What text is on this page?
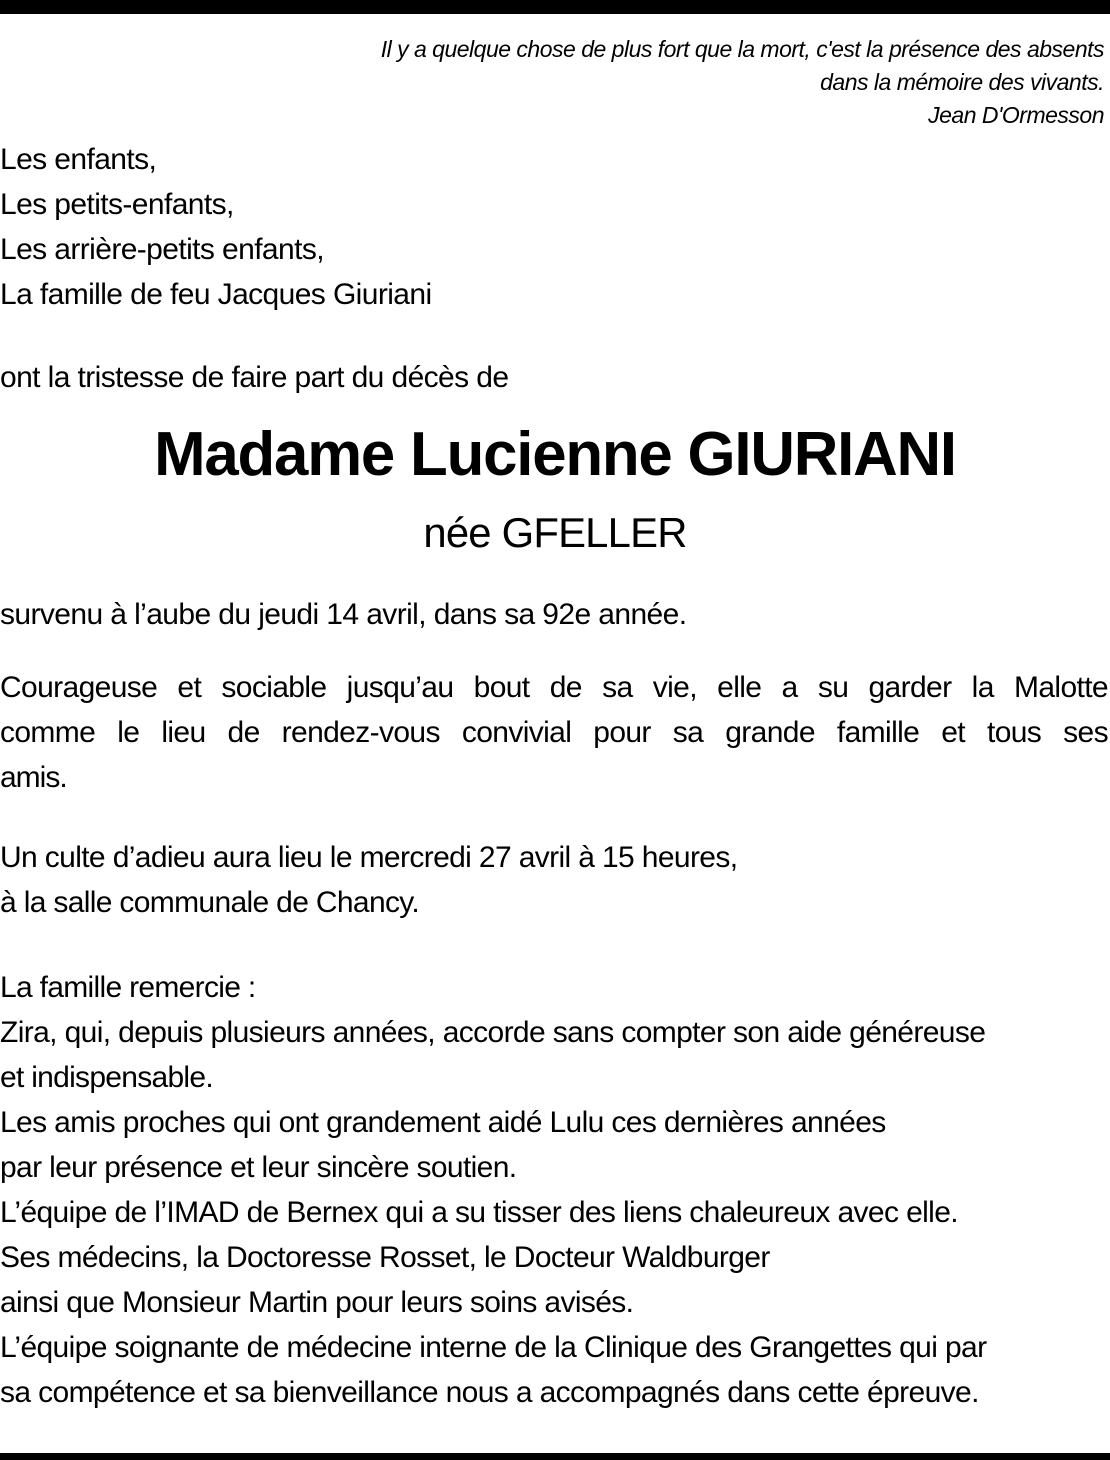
Il y a quelque chose de plus fort que la mort, c'est la présence des absents
dans la mémoire des vivants.
Jean D'Ormesson
Les enfants,
Les petits-enfants,
Les arrière-petits enfants,
La famille de feu Jacques Giuriani
ont la tristesse de faire part du décès de
Madame Lucienne GIURIANI
née GFELLER
survenu à l’aube du jeudi 14 avril, dans sa 92e année.
Courageuse et sociable jusqu’au bout de sa vie, elle a su garder la Malotte
comme le lieu de rendez-vous convivial pour sa grande famille et tous ses
amis.
Un culte d’adieu aura lieu le mercredi 27 avril à 15 heures,
à la salle communale de Chancy.
La famille remercie :
Zira, qui, depuis plusieurs années, accorde sans compter son aide généreuse
et indispensable.
Les amis proches qui ont grandement aidé Lulu ces dernières années
par leur présence et leur sincère soutien.
L’équipe de l’IMAD de Bernex qui a su tisser des liens chaleureux avec elle.
Ses médecins, la Doctoresse Rosset, le Docteur Waldburger
ainsi que Monsieur Martin pour leurs soins avisés.
L’équipe soignante de médecine interne de la Clinique des Grangettes qui par
sa compétence et sa bienveillance nous a accompagnés dans cette épreuve.
